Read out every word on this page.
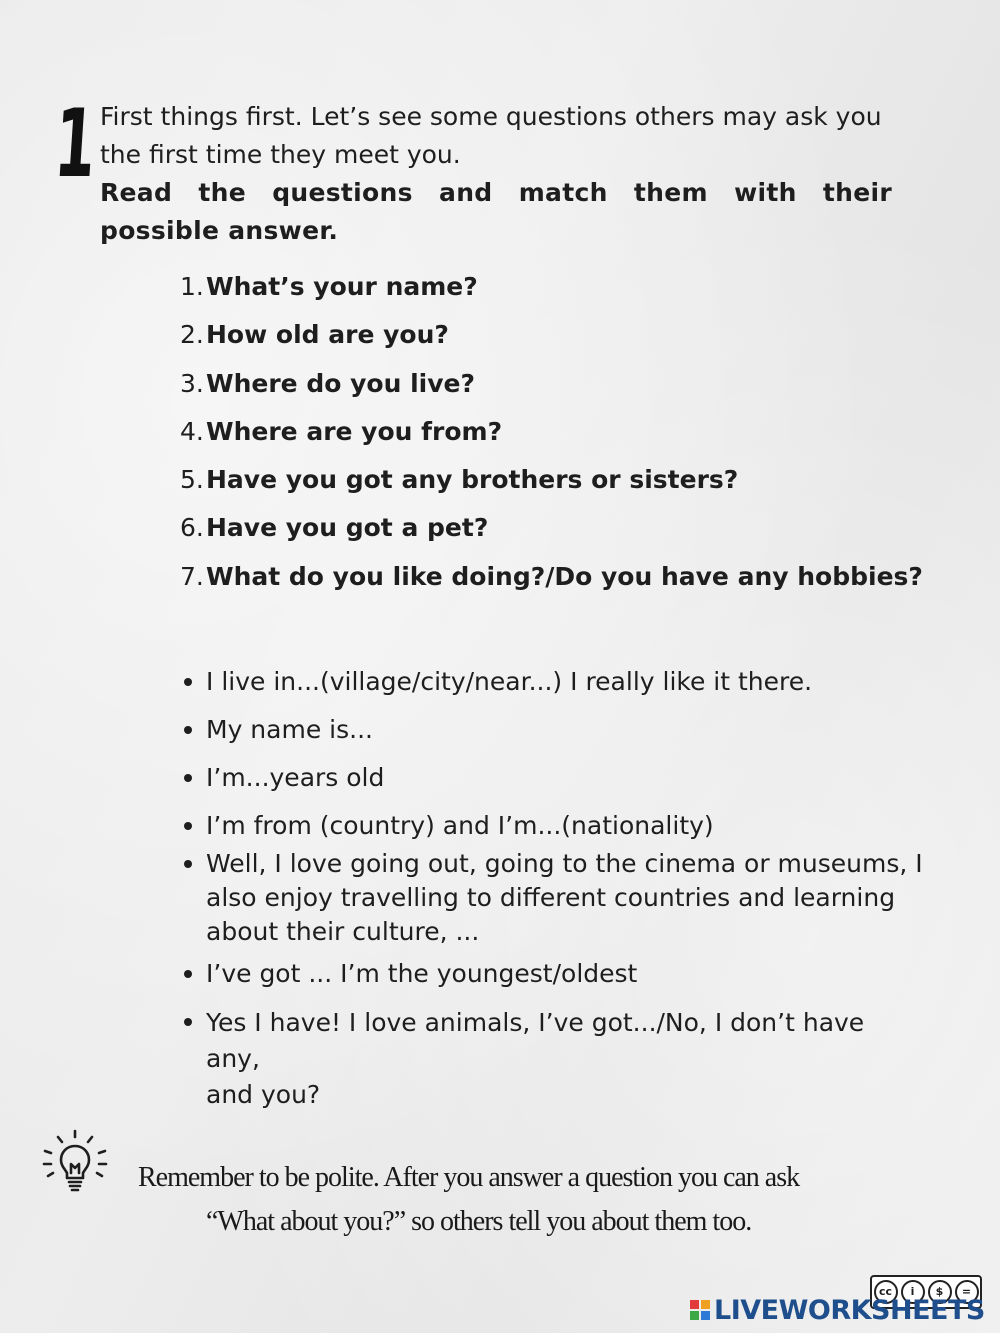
1 First things first. Let’s see some questions others may ask you the first time they meet you.

Read the questions and match them with their possible answer.

1.What’s your name?
2.How old are you?
3.Where do you live?
4.Where are you from?
5.Have you got any brothers or sisters?
6.Have you got a pet?
7.What do you like doing?/Do you have any hobbies?
I live in...(village/city/near...) I really like it there.
My name is...
I’m...years old
I’m from (country) and I’m...(nationality)
Well, I love going out, going to the cinema or museums, I also enjoy travelling to different countries and learning about their culture, ...
I’ve got ... I’m the youngest/oldest
Yes I have! I love animals, I’ve got.../No, I don’t have any,
and you?
Remember to be polite. After you answer a question you can ask
“What about you?” so others tell you about them too.
cc	i	$	=
LIVEWORKSHEETS
